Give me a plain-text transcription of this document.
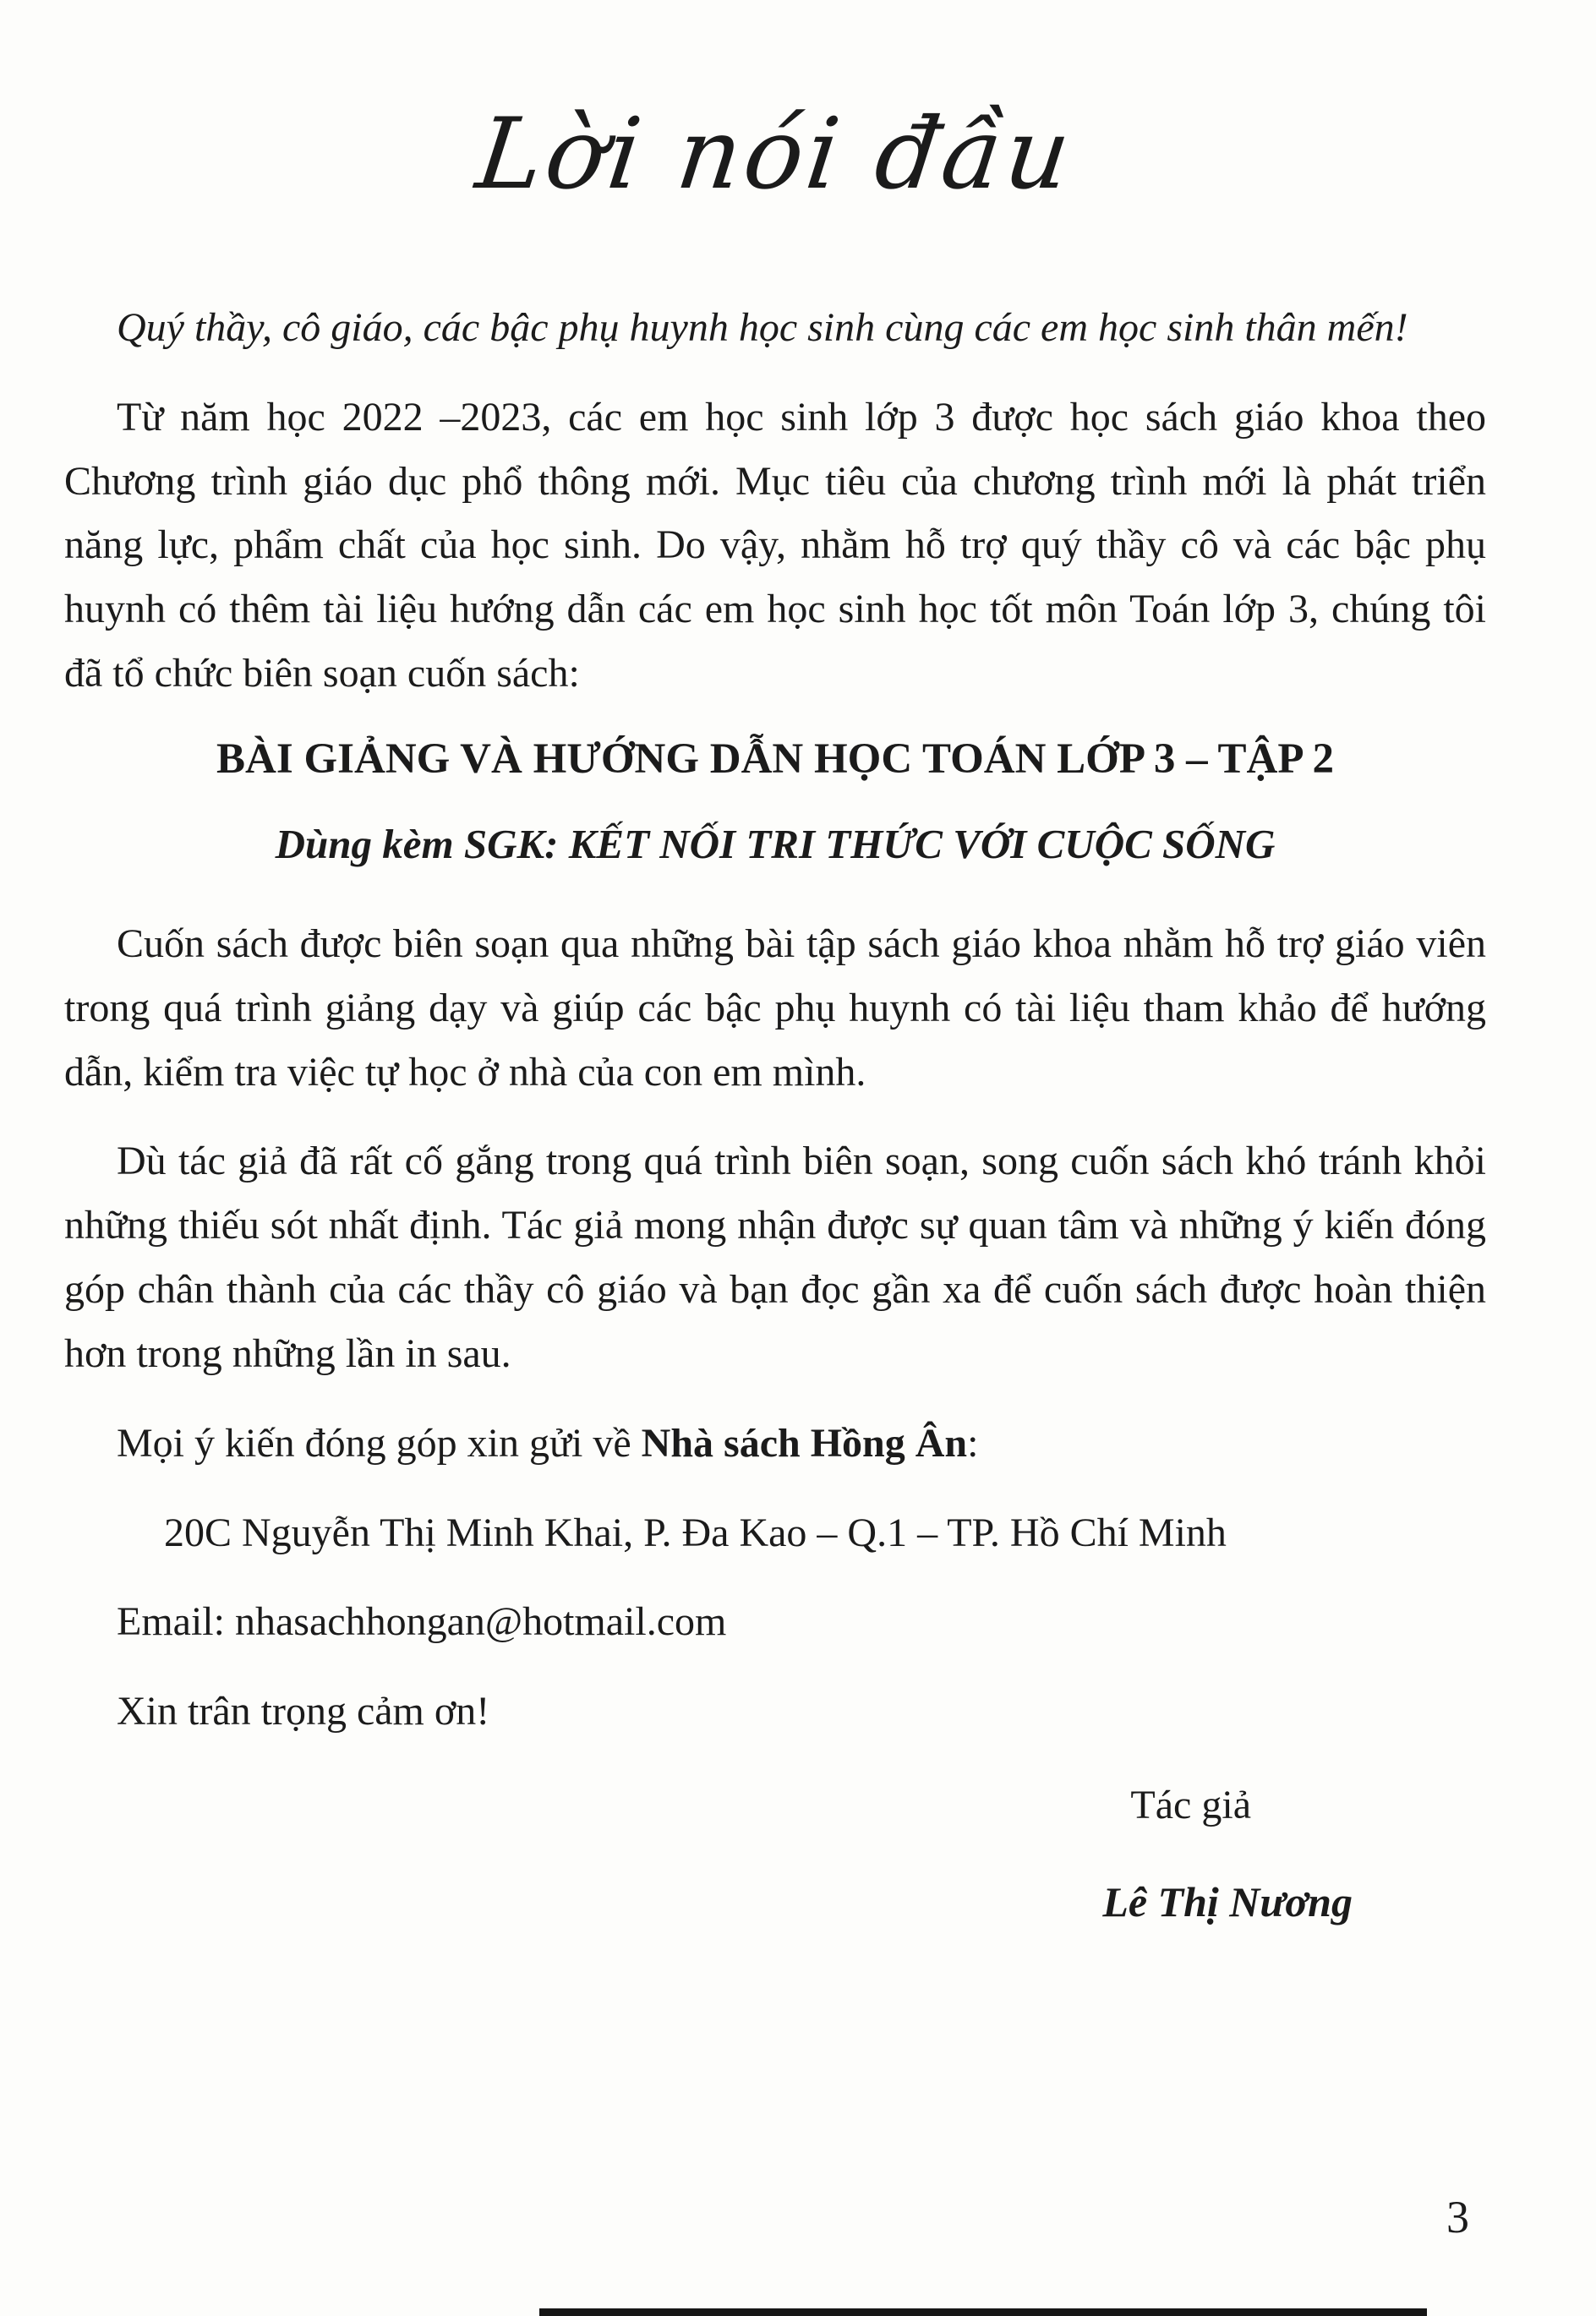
Lời nói đầu

Quý thầy, cô giáo, các bậc phụ huynh học sinh cùng các em học sinh thân mến!

Từ năm học 2022 –2023, các em học sinh lớp 3 được học sách giáo khoa theo Chương trình giáo dục phổ thông mới. Mục tiêu của chương trình mới là phát triển năng lực, phẩm chất của học sinh. Do vậy, nhằm hỗ trợ quý thầy cô và các bậc phụ huynh có thêm tài liệu hướng dẫn các em học sinh học tốt môn Toán lớp 3, chúng tôi đã tổ chức biên soạn cuốn sách:

BÀI GIẢNG VÀ HƯỚNG DẪN HỌC TOÁN LỚP 3 – TẬP 2

Dùng kèm SGK: KẾT NỐI TRI THỨC VỚI CUỘC SỐNG

Cuốn sách được biên soạn qua những bài tập sách giáo khoa nhằm hỗ trợ giáo viên trong quá trình giảng dạy và giúp các bậc phụ huynh có tài liệu tham khảo để hướng dẫn, kiểm tra việc tự học ở nhà của con em mình.

Dù tác giả đã rất cố gắng trong quá trình biên soạn, song cuốn sách khó tránh khỏi những thiếu sót nhất định. Tác giả mong nhận được sự quan tâm và những ý kiến đóng góp chân thành của các thầy cô giáo và bạn đọc gần xa để cuốn sách được hoàn thiện hơn trong những lần in sau.

Mọi ý kiến đóng góp xin gửi về Nhà sách Hồng Ân:

20C Nguyễn Thị Minh Khai, P. Đa Kao – Q.1 – TP. Hồ Chí Minh

Email: nhasachhongan@hotmail.com

Xin trân trọng cảm ơn!

Tác giả

Lê Thị Nương

3
